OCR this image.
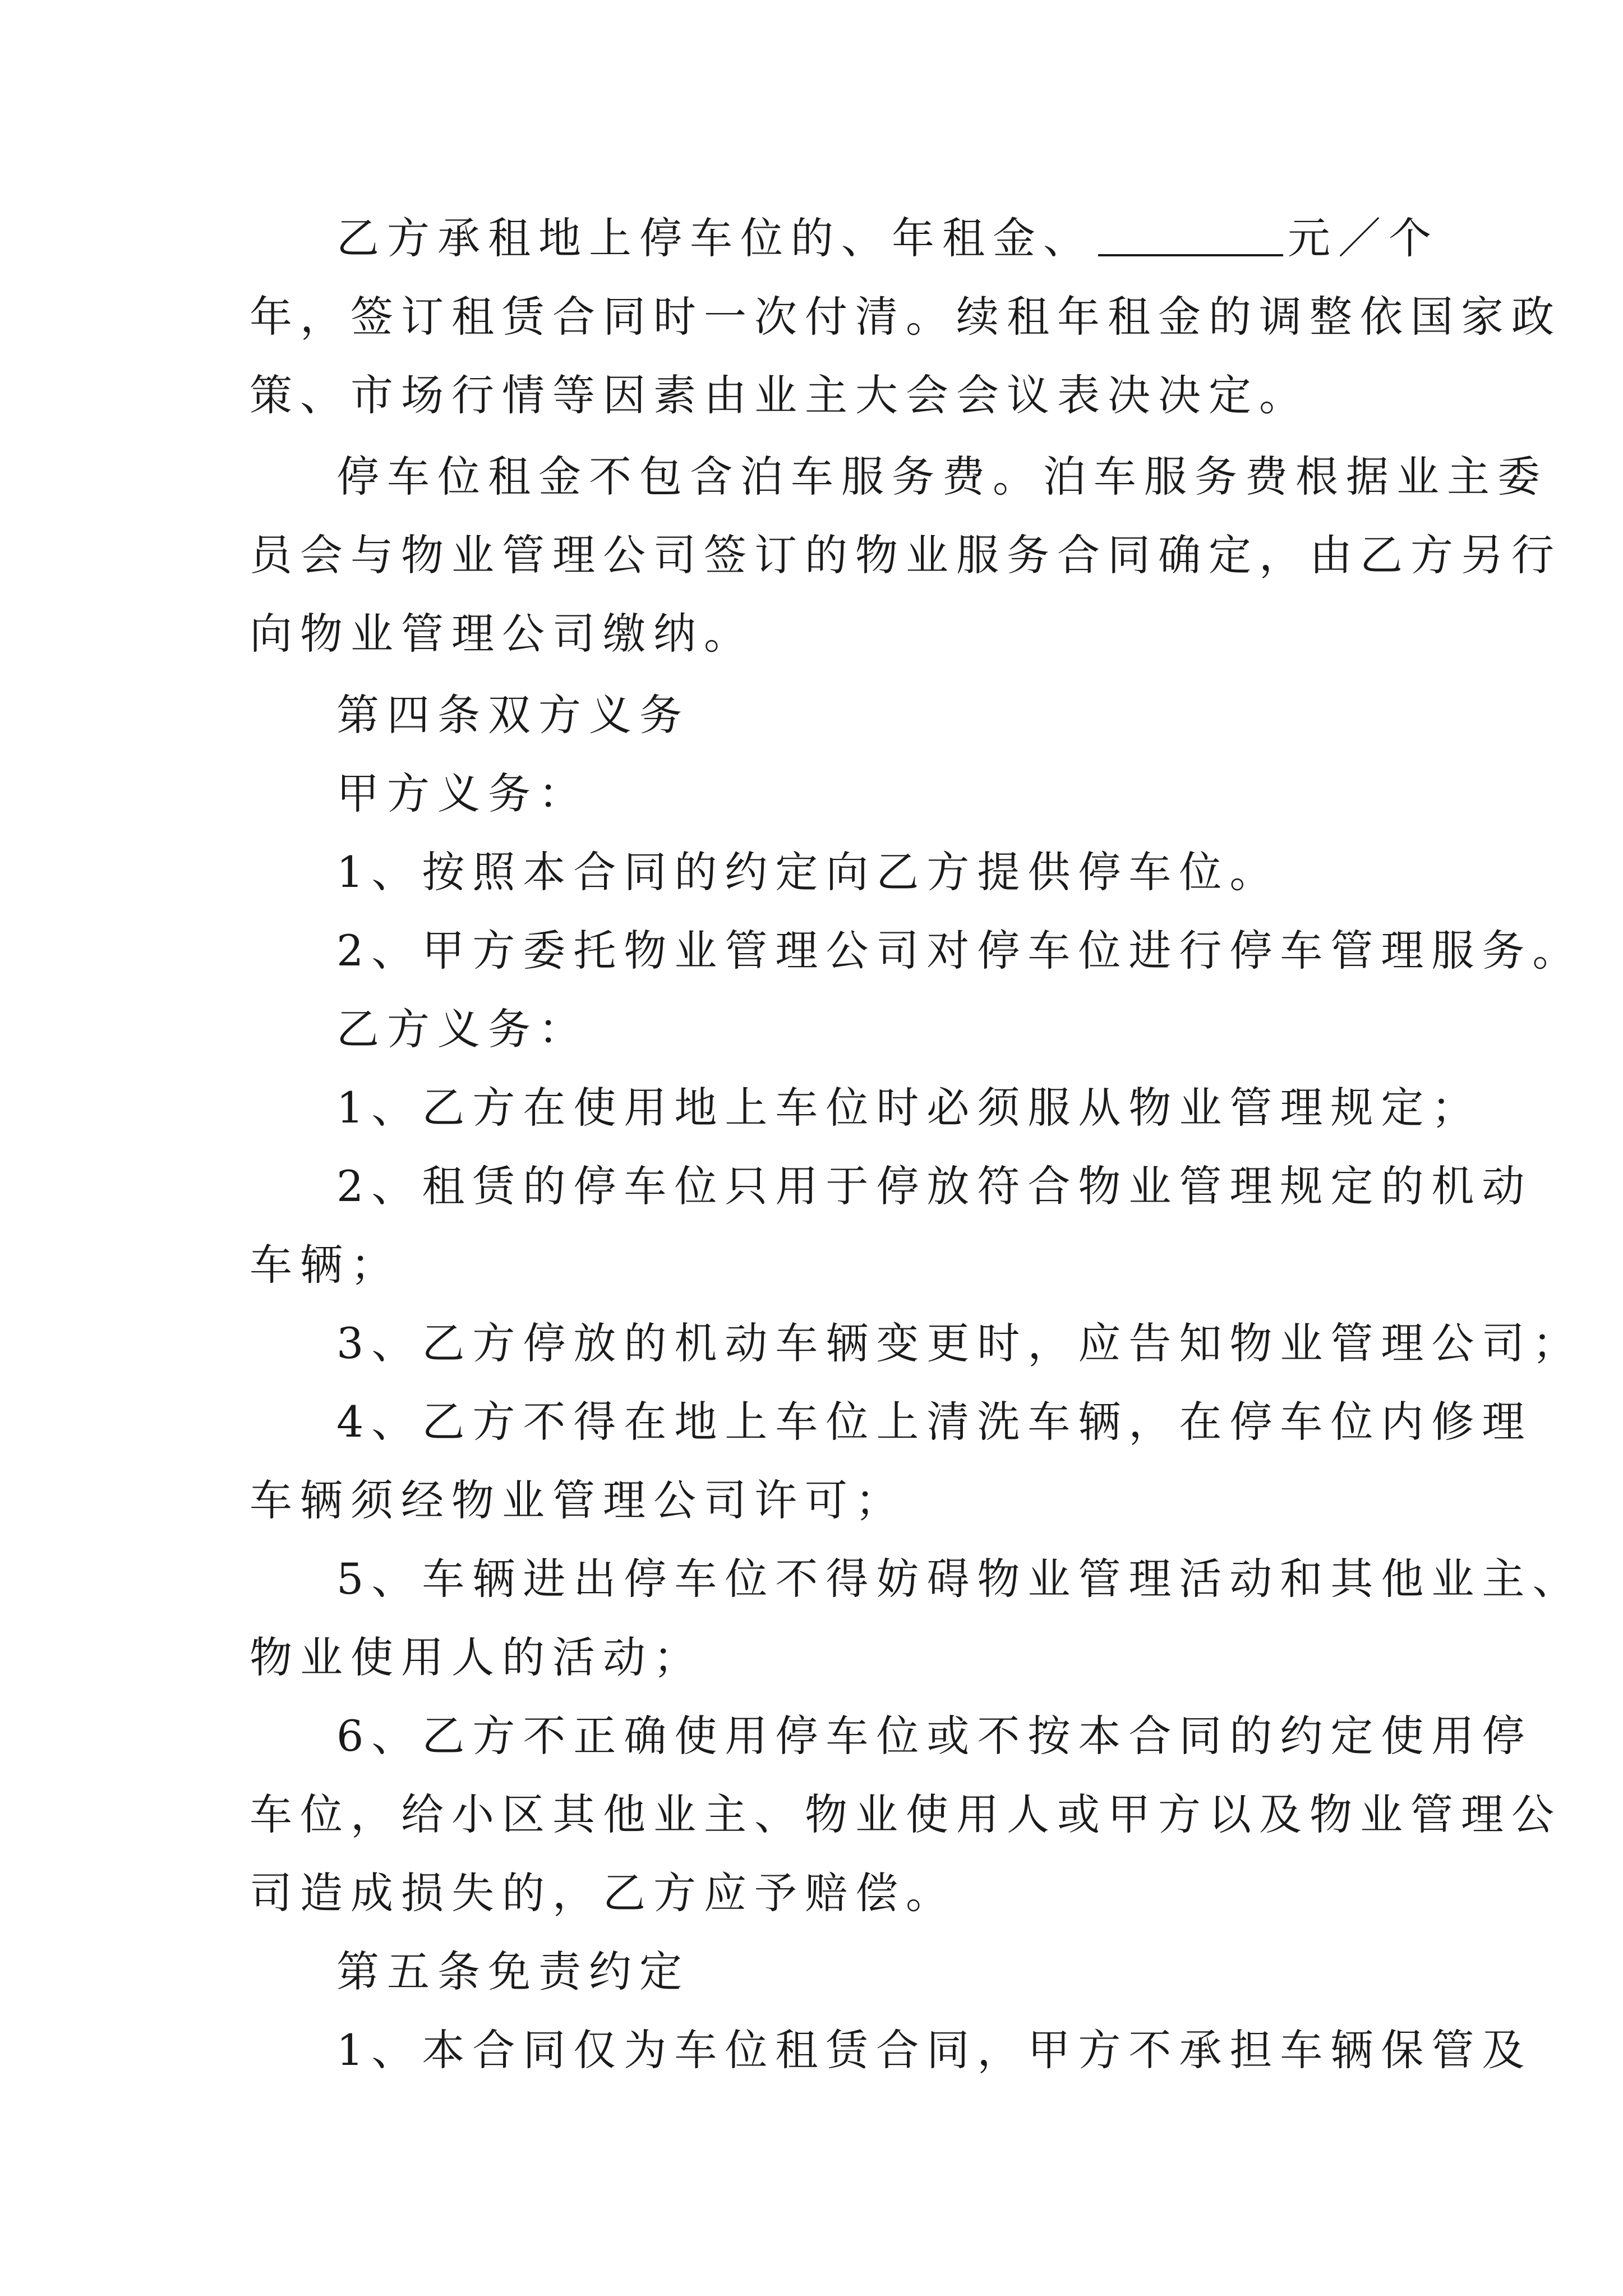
乙方承租地上停车位的、年租金、	元／个
年，签订租赁合同时一次付清。续租年租金的调整依国家政
策、市场行情等因素由业主大会会议表决决定。
停车位租金不包含泊车服务费。泊车服务费根据业主委
员会与物业管理公司签订的物业服务合同确定，由乙方另行
向物业管理公司缴纳。
第四条双方义务
甲方义务：
1、按照本合同的约定向乙方提供停车位。
2、甲方委托物业管理公司对停车位进行停车管理服务。
乙方义务：
1、乙方在使用地上车位时必须服从物业管理规定；
2、租赁的停车位只用于停放符合物业管理规定的机动
车辆；
3、乙方停放的机动车辆变更时，应告知物业管理公司；
4、乙方不得在地上车位上清洗车辆，在停车位内修理
车辆须经物业管理公司许可；
5、车辆进出停车位不得妨碍物业管理活动和其他业主、
物业使用人的活动；
6、乙方不正确使用停车位或不按本合同的约定使用停
车位，给小区其他业主、物业使用人或甲方以及物业管理公
司造成损失的，乙方应予赔偿。
第五条免责约定
1、本合同仅为车位租赁合同，甲方不承担车辆保管及
